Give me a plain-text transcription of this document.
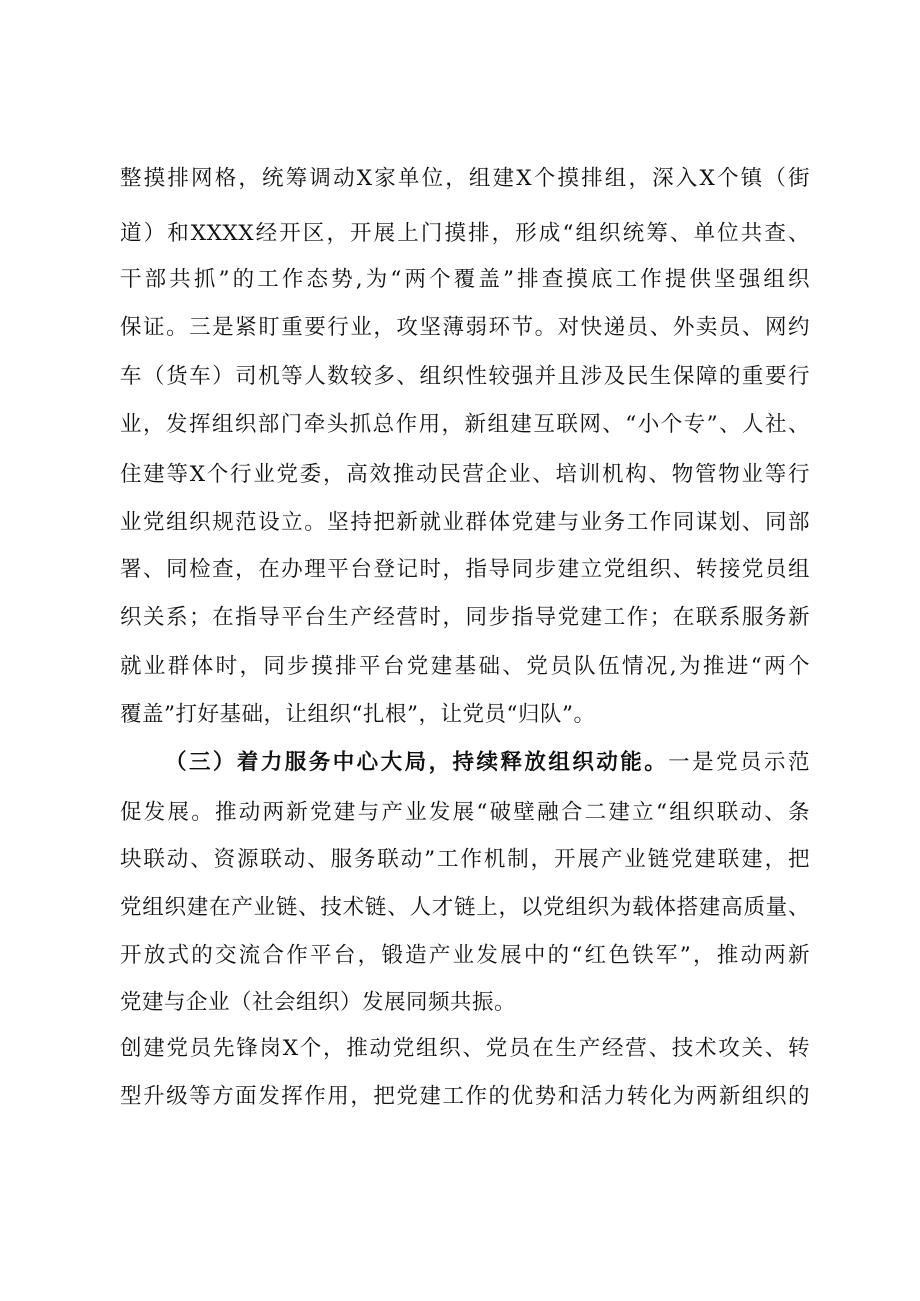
整摸排网格，统筹调动X家单位，组建X个摸排组，深入X个镇（街
道）和XXXX经开区，开展上门摸排，形成“组织统筹、单位共查、
干部共抓”的工作态势,为“两个覆盖”排查摸底工作提供坚强组织
保证。三是紧盯重要行业，攻坚薄弱环节。对快递员、外卖员、网约
车（货车）司机等人数较多、组织性较强并且涉及民生保障的重要行
业，发挥组织部门牵头抓总作用，新组建互联网、“小个专”、人社、
住建等X个行业党委，高效推动民营企业、培训机构、物管物业等行
业党组织规范设立。坚持把新就业群体党建与业务工作同谋划、同部
署、同检查，在办理平台登记时，指导同步建立党组织、转接党员组
织关系；在指导平台生产经营时，同步指导党建工作；在联系服务新
就业群体时，同步摸排平台党建基础、党员队伍情况,为推进“两个
覆盖”打好基础，让组织“扎根”，让党员“归队”。
（三）着力服务中心大局，持续释放组织动能。一是党员示范
促发展。推动两新党建与产业发展“破壁融合二建立“组织联动、条
块联动、资源联动、服务联动”工作机制，开展产业链党建联建，把
党组织建在产业链、技术链、人才链上，以党组织为载体搭建高质量、
开放式的交流合作平台，锻造产业发展中的“红色铁军”，推动两新
党建与企业（社会组织）发展同频共振。
创建党员先锋岗X个，推动党组织、党员在生产经营、技术攻关、转
型升级等方面发挥作用，把党建工作的优势和活力转化为两新组织的
